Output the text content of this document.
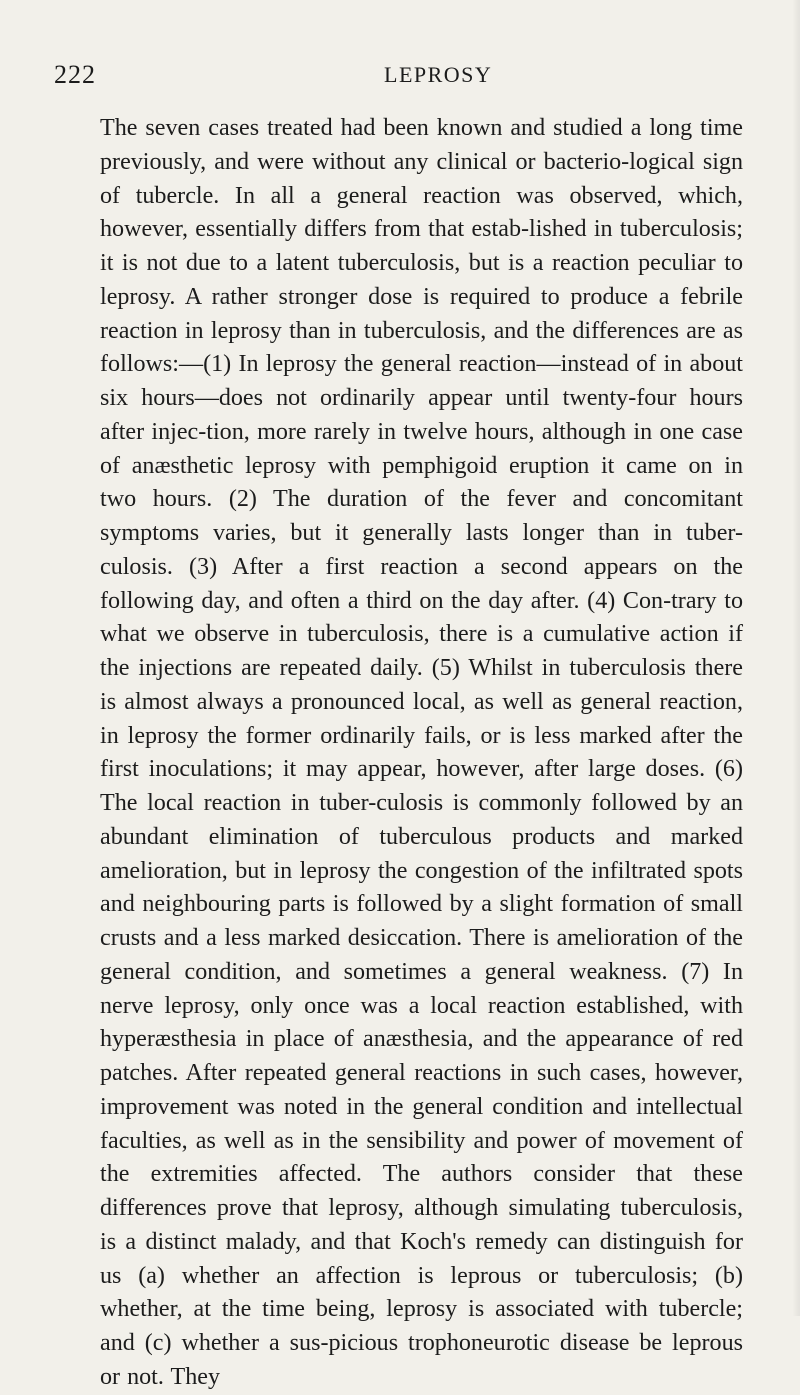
222	LEPROSY

The seven cases treated had been known and studied a long time previously, and were without any clinical or bacterio-logical sign of tubercle. In all a general reaction was observed, which, however, essentially differs from that estab-lished in tuberculosis; it is not due to a latent tuberculosis, but is a reaction peculiar to leprosy. A rather stronger dose is required to produce a febrile reaction in leprosy than in tuberculosis, and the differences are as follows:—(1) In leprosy the general reaction—instead of in about six hours—does not ordinarily appear until twenty-four hours after injec-tion, more rarely in twelve hours, although in one case of anæsthetic leprosy with pemphigoid eruption it came on in two hours. (2) The duration of the fever and concomitant symptoms varies, but it generally lasts longer than in tuber-culosis. (3) After a first reaction a second appears on the following day, and often a third on the day after. (4) Con-trary to what we observe in tuberculosis, there is a cumulative action if the injections are repeated daily. (5) Whilst in tuberculosis there is almost always a pronounced local, as well as general reaction, in leprosy the former ordinarily fails, or is less marked after the first inoculations; it may appear, however, after large doses. (6) The local reaction in tuber-culosis is commonly followed by an abundant elimination of tuberculous products and marked amelioration, but in leprosy the congestion of the infiltrated spots and neighbouring parts is followed by a slight formation of small crusts and a less marked desiccation. There is amelioration of the general condition, and sometimes a general weakness. (7) In nerve leprosy, only once was a local reaction established, with hyperæsthesia in place of anæsthesia, and the appearance of red patches. After repeated general reactions in such cases, however, improvement was noted in the general condition and intellectual faculties, as well as in the sensibility and power of movement of the extremities affected. The authors consider that these differences prove that leprosy, although simulating tuberculosis, is a distinct malady, and that Koch's remedy can distinguish for us (a) whether an affection is leprous or tuberculosis; (b) whether, at the time being, leprosy is associated with tubercle; and (c) whether a sus-picious trophoneurotic disease be leprous or not. They
